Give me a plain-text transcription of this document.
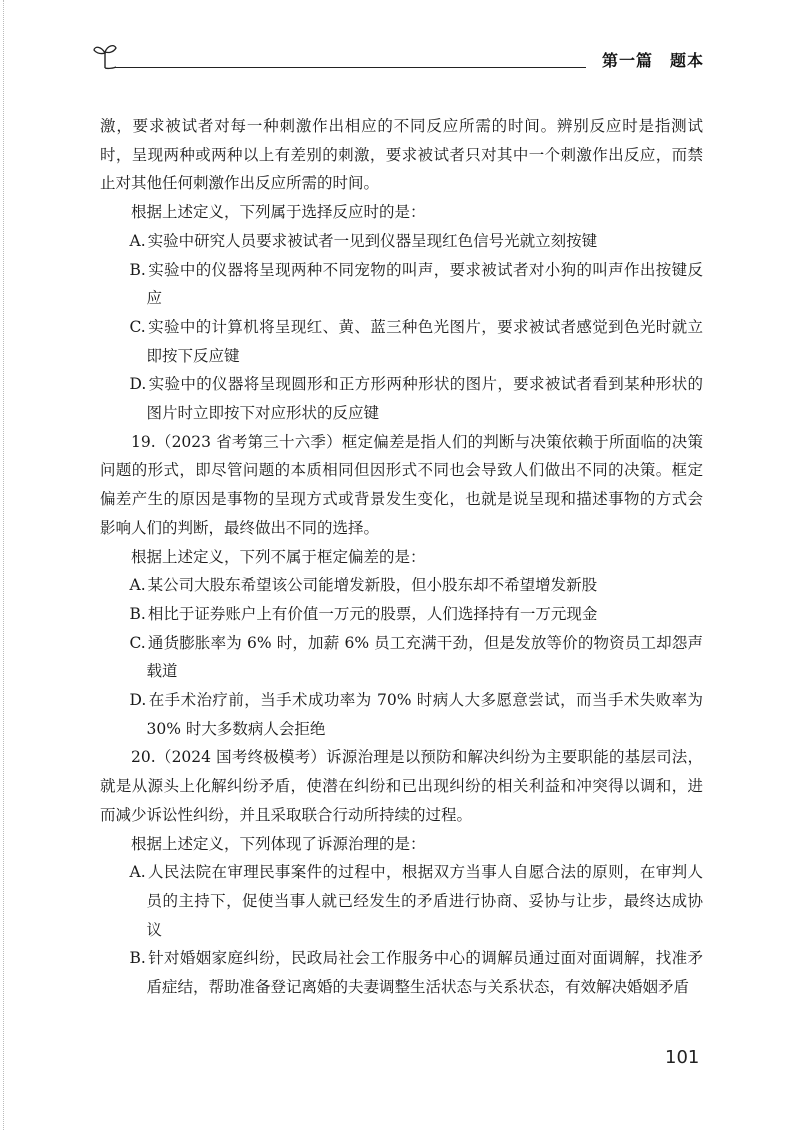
第一篇　题本

激，要求被试者对每一种刺激作出相应的不同反应所需的时间。辨别反应时是指测试时，呈现两种或两种以上有差别的刺激，要求被试者只对其中一个刺激作出反应，而禁止对其他任何刺激作出反应所需的时间。

根据上述定义，下列属于选择反应时的是：

A. 实验中研究人员要求被试者一见到仪器呈现红色信号光就立刻按键

B. 实验中的仪器将呈现两种不同宠物的叫声，要求被试者对小狗的叫声作出按键反应

C. 实验中的计算机将呈现红、黄、蓝三种色光图片，要求被试者感觉到色光时就立即按下反应键

D. 实验中的仪器将呈现圆形和正方形两种形状的图片，要求被试者看到某种形状的图片时立即按下对应形状的反应键

19.（2023 省考第三十六季）框定偏差是指人们的判断与决策依赖于所面临的决策问题的形式，即尽管问题的本质相同但因形式不同也会导致人们做出不同的决策。框定偏差产生的原因是事物的呈现方式或背景发生变化，也就是说呈现和描述事物的方式会影响人们的判断，最终做出不同的选择。

根据上述定义，下列不属于框定偏差的是：

A. 某公司大股东希望该公司能增发新股，但小股东却不希望增发新股

B. 相比于证券账户上有价值一万元的股票，人们选择持有一万元现金

C. 通货膨胀率为 6% 时，加薪 6% 员工充满干劲，但是发放等价的物资员工却怨声载道

D. 在手术治疗前，当手术成功率为 70% 时病人大多愿意尝试，而当手术失败率为 30% 时大多数病人会拒绝

20.（2024 国考终极模考）诉源治理是以预防和解决纠纷为主要职能的基层司法，就是从源头上化解纠纷矛盾，使潜在纠纷和已出现纠纷的相关利益和冲突得以调和，进而减少诉讼性纠纷，并且采取联合行动所持续的过程。

根据上述定义，下列体现了诉源治理的是：

A. 人民法院在审理民事案件的过程中，根据双方当事人自愿合法的原则，在审判人员的主持下，促使当事人就已经发生的矛盾进行协商、妥协与让步，最终达成协议

B. 针对婚姻家庭纠纷，民政局社会工作服务中心的调解员通过面对面调解，找准矛盾症结，帮助准备登记离婚的夫妻调整生活状态与关系状态，有效解决婚姻矛盾

101
